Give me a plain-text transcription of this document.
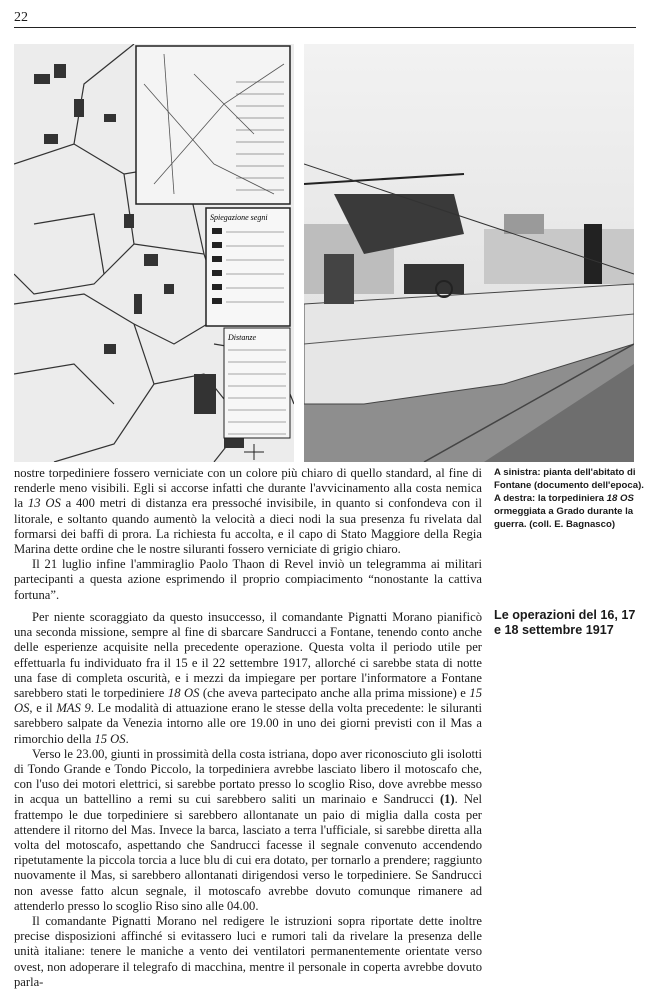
22
Spiegazione segni
Distanze
A sinistra: pianta dell'abitato di
Fontane (documento dell'epoca).
A destra: la torpediniera 18 OS ormeggiata a Grado durante la guerra. (coll. E. Bagnasco)

nostre torpediniere fossero verniciate con un colore più chiaro di quello standard, al fine di renderle meno visibili. Egli si accorse infatti che durante l'avvicinamento alla costa nemica la 13 OS a 400 metri di distanza era pressoché invisibile, in quanto si confondeva con il litorale, e soltanto quando aumentò la velocità a dieci nodi la sua presenza fu rivelata dal formarsi dei baffi di prora. La richiesta fu accolta, e il capo di Stato Maggiore della Regia Marina dette ordine che le nostre siluranti fossero verniciate di grigio chiaro.

Il 21 luglio infine l'ammiraglio Paolo Thaon di Revel inviò un telegramma ai militari partecipanti a questa azione esprimendo il proprio compiacimento “nonostante la cattiva fortuna”.

Le operazioni del 16, 17 e 18 settembre 1917

Per niente scoraggiato da questo insuccesso, il comandante Pignatti Morano pianificò una seconda missione, sempre al fine di sbarcare Sandrucci a Fontane, tenendo conto anche delle esperienze acquisite nella precedente operazione. Questa volta il periodo utile per effettuarla fu individuato fra il 15 e il 22 settembre 1917, allorché ci sarebbe stata di notte una fase di completa oscurità, e i mezzi da impiegare per portare l'informatore a Fontane sarebbero stati le torpediniere 18 OS (che aveva partecipato anche alla prima missione) e 15 OS, e il MAS 9. Le modalità di attuazione erano le stesse della volta precedente: le siluranti sarebbero salpate da Venezia intorno alle ore 19.00 in uno dei giorni previsti con il Mas a rimorchio della 15 OS.

Verso le 23.00, giunti in prossimità della costa istriana, dopo aver riconosciuto gli isolotti di Tondo Grande e Tondo Piccolo, la torpediniera avrebbe lasciato libero il motoscafo che, con l'uso dei motori elettrici, si sarebbe portato presso lo scoglio Riso, dove avrebbe messo in acqua un battellino a remi su cui sarebbero saliti un marinaio e Sandrucci (1). Nel frattempo le due torpediniere si sarebbero allontanate un paio di miglia dalla costa per attendere il ritorno del Mas. Invece la barca, lasciato a terra l'ufficiale, si sarebbe diretta alla volta del motoscafo, aspettando che Sandrucci facesse il segnale convenuto accendendo ripetutamente la piccola torcia a luce blu di cui era dotato, per tornarlo a prendere; raggiunto nuovamente il Mas, si sarebbero allontanati dirigendosi verso le torpediniere. Se Sandrucci non avesse fatto alcun segnale, il motoscafo avrebbe dovuto comunque rimanere ad attenderlo presso lo scoglio Riso sino alle 04.00.

Il comandante Pignatti Morano nel redigere le istruzioni sopra riportate dette inoltre precise disposizioni affinché si evitassero luci e rumori tali da rivelare la presenza delle unità italiane: tenere le maniche a vento dei ventilatori permanentemente orientate verso ovest, non adoperare il telegrafo di macchina, mentre il personale in coperta avrebbe dovuto parla-
